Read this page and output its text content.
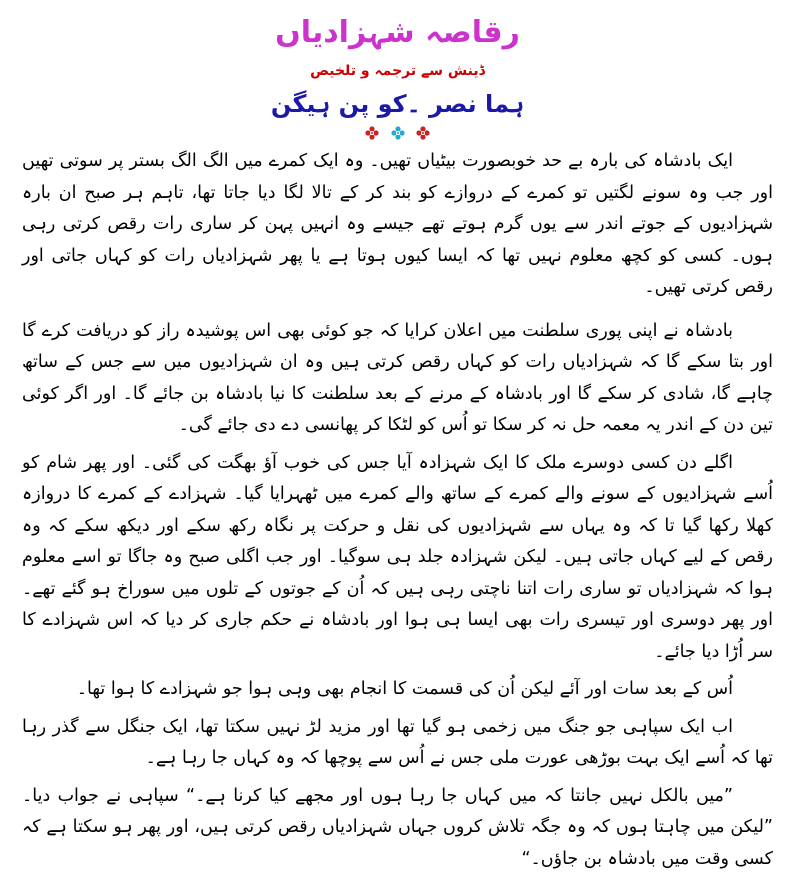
رقاصہ شہزادیاں
ڈینش سے ترجمہ و تلخیص
ہما نصر ۔کو پن ہیگن

ایک بادشاہ کی بارہ بے حد خوبصورت بیٹیاں تھیں۔ وہ ایک کمرے میں الگ الگ بستر پر سوتی تھیں اور جب وہ سونے لگتیں تو کمرے کے دروازے کو بند کر کے تالا لگا دیا جاتا تھا، تاہم ہر صبح ان بارہ شہزادیوں کے جوتے اندر سے یوں گرم ہوتے تھے جیسے وہ انہیں پہن کر ساری رات رقص کرتی رہی ہوں۔ کسی کو کچھ معلوم نہیں تھا کہ ایسا کیوں ہوتا ہے یا پھر شہزادیاں رات کو کہاں جاتی اور رقص کرتی تھیں۔

بادشاہ نے اپنی پوری سلطنت میں اعلان کرایا کہ جو کوئی بھی اس پوشیدہ راز کو دریافت کرے گا اور بتا سکے گا کہ شہزادیاں رات کو کہاں رقص کرتی ہیں وہ ان شہزادیوں میں سے جس کے ساتھ چاہے گا، شادی کر سکے گا اور بادشاہ کے مرنے کے بعد سلطنت کا نیا بادشاہ بن جائے گا۔ اور اگر کوئی تین دن کے اندر یہ معمہ حل نہ کر سکا تو اُس کو لٹکا کر پھانسی دے دی جائے گی۔

اگلے دن کسی دوسرے ملک کا ایک شہزادہ آیا جس کی خوب آؤ بھگت کی گئی۔ اور پھر شام کو اُسے شہزادیوں کے سونے والے کمرے کے ساتھ والے کمرے میں ٹھہرایا گیا۔ شہزادے کے کمرے کا دروازہ کھلا رکھا گیا تا کہ وہ یہاں سے شہزادیوں کی نقل و حرکت پر نگاہ رکھ سکے اور دیکھ سکے کہ وہ رقص کے لیے کہاں جاتی ہیں۔ لیکن شہزادہ جلد ہی سوگیا۔ اور جب اگلی صبح وہ جاگا تو اسے معلوم ہوا کہ شہزادیاں تو ساری رات اتنا ناچتی رہی ہیں کہ اُن کے جوتوں کے تلوں میں سوراخ ہو گئے تھے۔ اور پھر دوسری اور تیسری رات بھی ایسا ہی ہوا اور بادشاہ نے حکم جاری کر دیا کہ اس شہزادے کا سر اُڑا دیا جائے۔

اُس کے بعد سات اور آئے لیکن اُن کی قسمت کا انجام بھی وہی ہوا جو شہزادے کا ہوا تھا۔

اب ایک سپاہی جو جنگ میں زخمی ہو گیا تھا اور مزید لڑ نہیں سکتا تھا، ایک جنگل سے گذر رہا تھا کہ اُسے ایک بہت بوڑھی عورت ملی جس نے اُس سے پوچھا کہ وہ کہاں جا رہا ہے۔

”میں بالکل نہیں جانتا کہ میں کہاں جا رہا ہوں اور مجھے کیا کرنا ہے۔“ سپاہی نے جواب دیا۔ ”لیکن میں چاہتا ہوں کہ وہ جگہ تلاش کروں جہاں شہزادیاں رقص کرتی ہیں، اور پھر ہو سکتا ہے کہ کسی وقت میں بادشاہ بن جاؤں۔“
